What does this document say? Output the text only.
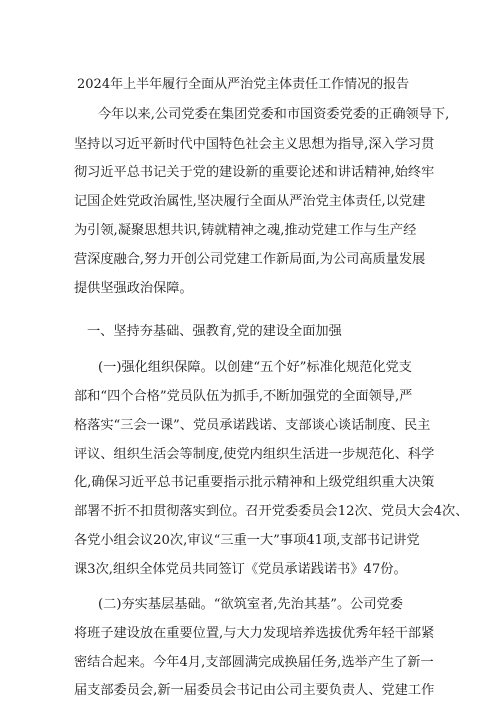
2024年上半年履行全面从严治党主体责任工作情况的报告
今年以来,公司党委在集团党委和市国资委党委的正确领导下,
坚持以习近平新时代中国特色社会主义思想为指导,深入学习贯
彻习近平总书记关于党的建设新的重要论述和讲话精神,始终牢
记国企姓党政治属性,坚决履行全面从严治党主体责任,以党建
为引领,凝聚思想共识,铸就精神之魂,推动党建工作与生产经
营深度融合,努力开创公司党建工作新局面,为公司高质量发展
提供坚强政治保障。
一、坚持夯基础、强教育,党的建设全面加强
(一)强化组织保障。以创建“五个好”标准化规范化党支
部和“四个合格”党员队伍为抓手,不断加强党的全面领导,严
格落实“三会一课”、党员承诺践诺、支部谈心谈话制度、民主
评议、组织生活会等制度,使党内组织生活进一步规范化、科学
化,确保习近平总书记重要指示批示精神和上级党组织重大决策
部署不折不扣贯彻落实到位。召开党委委员会12次、党员大会4次、
各党小组会议20次,审议“三重一大”事项41项,支部书记讲党
课3次,组织全体党员共同签订《党员承诺践诺书》47份。
(二)夯实基层基础。“欲筑室者,先治其基”。公司党委
将班子建设放在重要位置,与大力发现培养选拔优秀年轻干部紧
密结合起来。今年4月,支部圆满完成换届任务,选举产生了新一
届支部委员会,新一届委员会书记由公司主要负责人、党建工作
